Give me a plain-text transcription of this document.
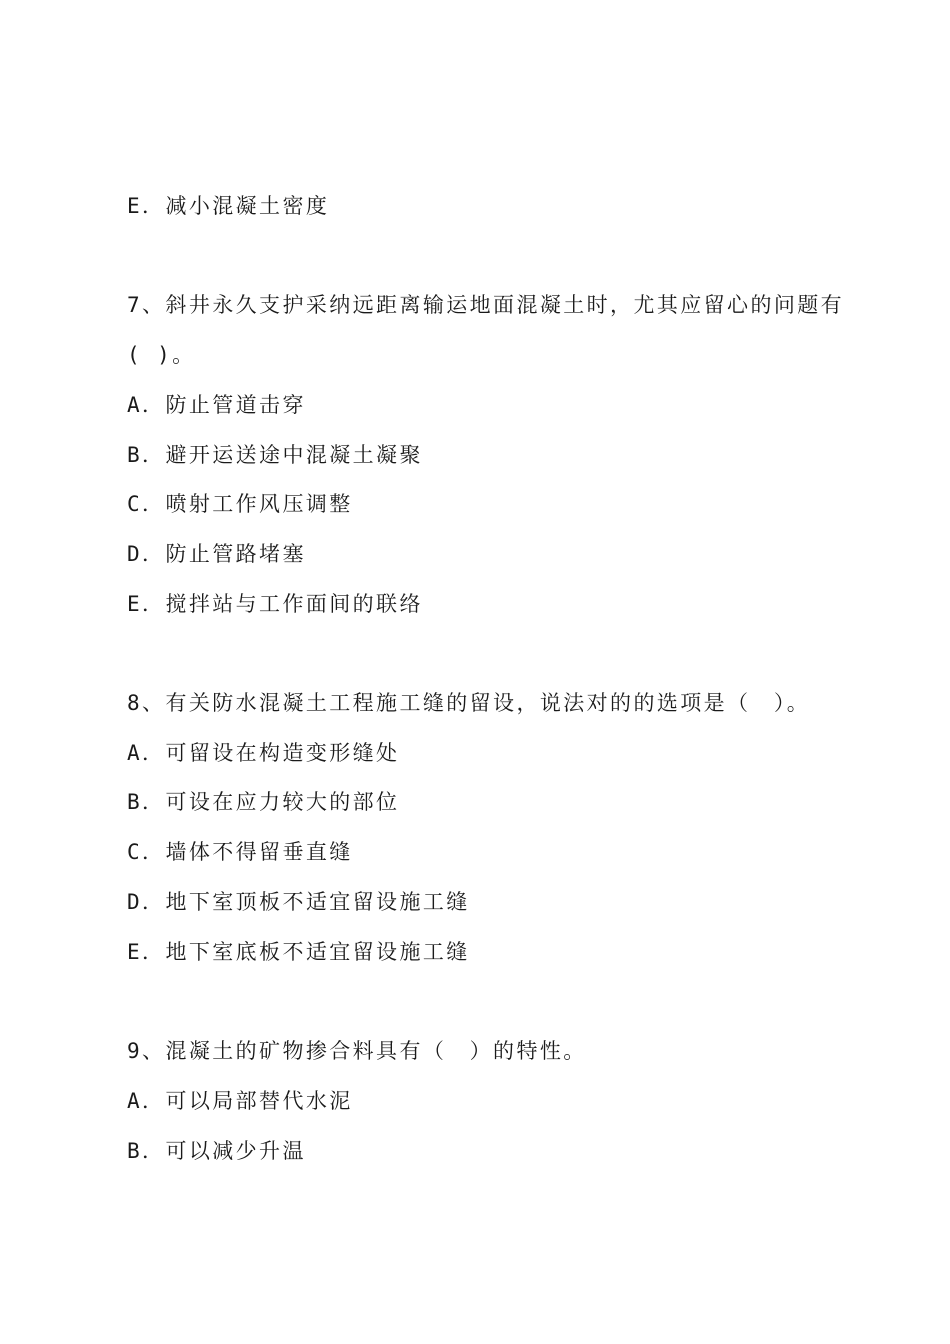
E．减小混凝土密度
7、斜井永久支护采纳远距离输运地面混凝土时，尤其应留心的问题有
( )。
A．防止管道击穿
B．避开运送途中混凝土凝聚
C．喷射工作风压调整
D．防止管路堵塞
E．搅拌站与工作面间的联络
8、有关防水混凝土工程施工缝的留设，说法对的的选项是（　）。
A．可留设在构造变形缝处
B．可设在应力较大的部位
C．墙体不得留垂直缝
D．地下室顶板不适宜留设施工缝
E．地下室底板不适宜留设施工缝
9、混凝土的矿物掺合料具有（　）的特性。
A．可以局部替代水泥
B．可以减少升温
